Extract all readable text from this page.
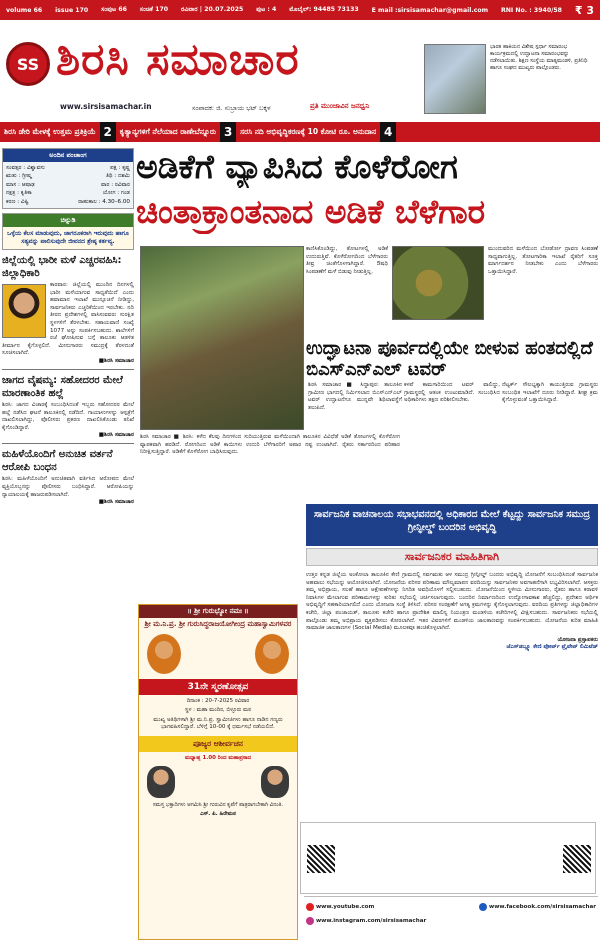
volume 66 issue 170 ಸಂಪುಟ 66 ಸಂಚಿಕೆ 170 ರವಿವಾರ | 20.07.2025 ಪುಟ : 4 ಮೊಬೈಲ್: 94485 73133 E mail :sirsisamachar@gmail.com RNI No. : 3940/58 ₹ 3
SS ಶಿರಸಿ ಸಮಾಚಾರ
www.sirsisamachar.in	ಸಂಪಾದಕ: ಜಿ. ಸುಬ್ರಾಯ ಭಟ್ ಬಕ್ಕಳ	ಪ್ರತಿ ಮುಂಜಾವಿನ ಜನಧ್ವನಿ
ಭಾರತ ಹಾಕಿಯನ ವಿಶೇಷ ಸ್ಪರ್ಧಾ ಸಮಾರಂಭ ಕಾರ್ಯಕ್ರಮದಲ್ಲಿ ಉದ್ಘಾಟನಾ ಸಮಾರಂಭವನ್ನು ನಡೆಸಲಾಯಿತು. ಶಿಕ್ಷಣ ಸಂಸ್ಥೆಯ ಮಾತೃಮಂಡಳಿ, ಪ್ರತಿನಿಧಿ ಹಾಗೂ ಸಂಘದ ಮುಖ್ಯರು ಪಾಲ್ಗೊಂಡರು.
ಶಿರಸಿ ಡೇರಿ ಮೇಳಕ್ಕೆ ಉತ್ತಮ ಪ್ರತಿಕ್ರಿಯೆ 2	ಕೃತ್ಯಾನ್ಯಗಳಿಗೆ ನೆಲೆಯಾದ ರಾಣೇಬೆನ್ನೂರು 3	ಸರಸಿ ನದಿ ಅಭಿವೃದ್ಧಿಕರಣಕ್ಕೆ 10 ಕೋಟಿ ರೂ. ಅನುದಾನ 4
ಅಂದಿನ ಪಂಚಾಂಗ
ಸಂವತ್ಸರ : ವಿಶ್ವಾವಸು	ಪಕ್ಷ : ಕೃಷ್ಣ
ಋತು : ಗ್ರೀಷ್ಮ	ತಿಥಿ : ದಶಮಿ
ಮಾಸ : ಆಷಾಢ	ವಾರ : ರವಿವಾರ
ನಕ್ಷತ್ರ : ಕೃತಿಕಾ	ಯೋಗ : ಗಂಡ
ಕರಣ : ವಿಷ್ಟಿ	ರಾಹುಕಾಲ : 4.30–6.00
ಚಿನ್ನುಡಿ
ಒಳ್ಳೆಯ ಕೆಲಸ ಮಾಡುವುದು, ಜಾಗರೂಕರಾಗಿ ಇರುವುದು ಹಾಗೂ ಸತ್ಯವನ್ನು ಪಾಲಿಸುವುದೇ ಜೀವನದ ಶ್ರೇಷ್ಠ ಕರ್ತವ್ಯ.
ಜಿಲ್ಲೆಯಲ್ಲಿ ಭಾರೀ ಮಳೆ ಎಚ್ಚರವಹಿಸಿ: ಜಿಲ್ಲಾಧಿಕಾರಿ
ಕಾರವಾರ: ಜಿಲ್ಲೆಯಲ್ಲಿ ಮುಂದಿನ ದಿನಗಳಲ್ಲಿ ಭಾರೀ ಮಳೆಯಾಗುವ ಸಾಧ್ಯತೆಯಿದೆ ಎಂದು ಹವಾಮಾನ ಇಲಾಖೆ ಮುನ್ಸೂಚನೆ ನೀಡಿದ್ದು, ಸಾರ್ವಜನಿಕರು ಎಚ್ಚರಿಕೆಯಿಂದ ಇರಬೇಕು. ನದಿ ತೀರದ ಪ್ರದೇಶಗಳಲ್ಲಿ ವಾಸಿಸುವವರು ಸುರಕ್ಷಿತ ಸ್ಥಳಗಳಿಗೆ ತೆರಳಬೇಕು. ಸಹಾಯವಾಣಿ ಸಂಖ್ಯೆ 1077 ಅನ್ನು ಸಂಪರ್ಕಿಸಬಹುದು. ಶಾಲೆಗಳಿಗೆ ರಜೆ ಘೋಷಿಸುವ ಬಗ್ಗೆ ತಾಲೂಕು ಆಡಳಿತ ತೀರ್ಮಾನ ಕೈಗೊಳ್ಳಲಿದೆ. ಮೀನುಗಾರರು ಸಮುದ್ರಕ್ಕೆ ತೆರಳದಂತೆ ಸೂಚಿಸಲಾಗಿದೆ.
■ಶಿರಸಿ ಸಮಾಚಾರ
ಜಾಗದ ವೈಷಮ್ಯ: ಸಹೋದರರ ಮೇಲೆ ಮಾರಣಾಂತಿಕ ಹಲ್ಲೆ
ಶಿರಸಿ: ಜಾಗದ ವಿಚಾರಕ್ಕೆ ಸಂಬಂಧಿಸಿದಂತೆ ಇಬ್ಬರು ಸಹೋದರರ ಮೇಲೆ ಹಲ್ಲೆ ನಡೆಸಿದ ಘಟನೆ ತಾಲೂಕಿನಲ್ಲಿ ನಡೆದಿದೆ. ಗಾಯಾಳುಗಳನ್ನು ಆಸ್ಪತ್ರೆಗೆ ದಾಖಲಿಸಲಾಗಿದ್ದು, ಪೊಲೀಸರು ಪ್ರಕರಣ ದಾಖಲಿಸಿಕೊಂಡು ತನಿಖೆ ಕೈಗೊಂಡಿದ್ದಾರೆ.
■ಶಿರಸಿ ಸಮಾಚಾರ
ಮಹಿಳೆಯೊಂದಿಗೆ ಅನುಚಿತ ವರ್ತನೆ ಆರೋಪಿ ಬಂಧನ
ಶಿರಸಿ: ಮಹಿಳೆಯೊಂದಿಗೆ ಅನುಚಿತವಾಗಿ ವರ್ತಿಸಿದ ಆರೋಪದ ಮೇಲೆ ವ್ಯಕ್ತಿಯೊಬ್ಬನನ್ನು ಪೊಲೀಸರು ಬಂಧಿಸಿದ್ದಾರೆ. ಆರೋಪಿಯನ್ನು ನ್ಯಾಯಾಲಯಕ್ಕೆ ಹಾಜರುಪಡಿಸಲಾಗಿದೆ.
■ಶಿರಸಿ ಸಮಾಚಾರ
ಅಡಿಕೆಗೆ ವ್ಯಾಪಿಸಿದ ಕೊಳೆರೋಗ
ಚಿಂತಾಕ್ರಾಂತನಾದ ಅಡಿಕೆ ಬೆಳೆಗಾರ
ಕಾಣಿಸಿಕೊಂಡಿದ್ದು, ತೋಟಗಳಲ್ಲಿ ಅಡಿಕೆ ಉದುರುತ್ತಿವೆ. ಕೊಳೆರೋಗದಿಂದ ಬೆಳೆಗಾರರು ತೀವ್ರ ಚಿಂತೆಗೊಳಗಾಗಿದ್ದಾರೆ. ಔಷಧಿ ಸಿಂಪಡಣೆಗೆ ಮಳೆ ಬಿಡುವು ನೀಡುತ್ತಿಲ್ಲ.
ಮುಂದುವರಿದ ಮಳೆಯಿಂದ ಬೋರ್ಡೋ ದ್ರಾವಣ ಸಿಂಪಡಣೆ ಸಾಧ್ಯವಾಗುತ್ತಿಲ್ಲ. ತೋಟಗಾರಿಕಾ ಇಲಾಖೆ ರೈತರಿಗೆ ಸೂಕ್ತ ಮಾರ್ಗದರ್ಶನ ನೀಡಬೇಕು ಎಂದು ಬೆಳೆಗಾರರು ಒತ್ತಾಯಿಸಿದ್ದಾರೆ.
ಶಿರಸಿ ಸಮಾಚಾರ ■ ಶಿರಸಿ: ಕಳೆದ ಕೆಲವು ದಿನಗಳಿಂದ ಸುರಿಯುತ್ತಿರುವ ಮಳೆಯಿಂದಾಗಿ ತಾಲೂಕಿನ ವಿವಿಧೆಡೆ ಅಡಿಕೆ ತೋಟಗಳಲ್ಲಿ ಕೊಳೆರೋಗ ವ್ಯಾಪಕವಾಗಿ ಹರಡಿದೆ. ರೋಗದಿಂದ ಅಡಿಕೆ ಕಾಯಿಗಳು ಉದುರಿ ಬೆಳೆಗಾರರಿಗೆ ಅಪಾರ ನಷ್ಟ ಉಂಟಾಗಿದೆ. ರೈತರು ಸರ್ಕಾರದಿಂದ ಪರಿಹಾರ ನಿರೀಕ್ಷಿಸುತ್ತಿದ್ದಾರೆ. ಅಡಿಕೆಗೆ ಕೊಳೆರೋಗ ಬಾಧಿಸಿರುವುದು.
ಉದ್ಘಾಟನಾ ಪೂರ್ವದಲ್ಲಿಯೇ ಬೀಳುವ ಹಂತದಲ್ಲಿದೆ ಬಿಎಸ್ಎನ್ಎಲ್ ಟವರ್
ಶಿರಸಿ ಸಮಾಚಾರ ■ ಸಿದ್ದಾಪುರ: ತಾಲೂಕಿನ ಗ್ರಾಮೀಣ ಭಾಗದಲ್ಲಿ ನಿರ್ಮಿಸಲಾದ ಬಿಎಸ್ಎನ್ಎಲ್ ಟವರ್ ಉದ್ಘಾಟನೆಗೂ ಮುನ್ನವೇ ಶಿಥಿಲಾವಸ್ಥೆಗೆ ತಲುಪಿದೆ.
ಕಳಪೆ ಕಾಮಗಾರಿಯಿಂದ ಟವರ್ ವಾಲಿದ್ದು, ಗ್ರಾಮಸ್ಥರಲ್ಲಿ ಆತಂಕ ಉಂಟುಮಾಡಿದೆ. ಸಂಬಂಧಿಸಿದ ಅಧಿಕಾರಿಗಳು ತಕ್ಷಣ ಪರಿಶೀಲಿಸಬೇಕು.
ನೆಟ್ವರ್ಕ್ ಸೌಲಭ್ಯಕ್ಕಾಗಿ ಕಾಯುತ್ತಿರುವ ಗ್ರಾಮಸ್ಥರು ಸಂಬಂಧಿತ ಇಲಾಖೆಗೆ ದೂರು ನೀಡಿದ್ದಾರೆ. ಶೀಘ್ರ ಕ್ರಮ ಕೈಗೊಳ್ಳುವಂತೆ ಒತ್ತಾಯಿಸಿದ್ದಾರೆ.
ಸಾರ್ವಜನಿಕ ವಾಚನಾಲಯ ಸಭಾಭವನದಲ್ಲಿ ಅಧಿಕಾರದ ಮೇಲೆ ಕೆಟ್ಟದ್ದು ಸಾರ್ವಜನಿಕ ಸಮುದ್ರ ಗ್ರೀನ್ಫೀಲ್ಡ್ ಬಂದರಿನ ಅಭಿವೃದ್ಧಿ
ಸಾರ್ವಜನಿಕರ ಮಾಹಿತಿಗಾಗಿ
ಉತ್ತರ ಕನ್ನಡ ಜಿಲ್ಲೆಯ ಅಂಕೋಲಾ ತಾಲೂಕಿನ ಕೇಣಿ ಗ್ರಾಮದಲ್ಲಿ ಸರ್ವಋತು ಆಳ ಸಮುದ್ರ ಗ್ರೀನ್ಫೀಲ್ಡ್ ಬಂದರು ಅಭಿವೃದ್ಧಿ ಯೋಜನೆಗೆ ಸಂಬಂಧಿಸಿದಂತೆ ಸಾರ್ವಜನಿಕ ಅಹವಾಲು ಸಭೆಯನ್ನು ಆಯೋಜಿಸಲಾಗಿದೆ. ಯೋಜನೆಯ ಪರಿಸರ ಪರಿಣಾಮ ಮೌಲ್ಯಮಾಪನ ವರದಿಯನ್ನು ಸಾರ್ವಜನಿಕರ ಅವಗಾಹನೆಗಾಗಿ ಲಭ್ಯವಿರಿಸಲಾಗಿದೆ. ಆಸಕ್ತರು ತಮ್ಮ ಅಭಿಪ್ರಾಯ, ಸಲಹೆ ಹಾಗೂ ಆಕ್ಷೇಪಣೆಗಳನ್ನು ನಿಗದಿತ ಅವಧಿಯೊಳಗೆ ಸಲ್ಲಿಸಬಹುದು. ಯೋಜನೆಯಿಂದ ಸ್ಥಳೀಯ ಮೀನುಗಾರರು, ರೈತರು ಹಾಗೂ ಕರಾವಳಿ ನಿವಾಸಿಗಳ ಮೇಲಾಗುವ ಪರಿಣಾಮಗಳನ್ನು ಕುರಿತು ಸಭೆಯಲ್ಲಿ ಚರ್ಚಿಸಲಾಗುವುದು. ಬಂದರಿನ ನಿರ್ಮಾಣದಿಂದ ಉದ್ಯೋಗಾವಕಾಶ ಹೆಚ್ಚಲಿದ್ದು, ಪ್ರದೇಶದ ಆರ್ಥಿಕ ಅಭಿವೃದ್ಧಿಗೆ ಸಹಕಾರಿಯಾಗಲಿದೆ ಎಂದು ಯೋಜನಾ ಸಂಸ್ಥೆ ತಿಳಿಸಿದೆ. ಪರಿಸರ ಸಂರಕ್ಷಣೆಗೆ ಅಗತ್ಯ ಕ್ರಮಗಳನ್ನು ಕೈಗೊಳ್ಳಲಾಗುವುದು. ವರದಿಯ ಪ್ರತಿಗಳನ್ನು ಜಿಲ್ಲಾಧಿಕಾರಿಗಳ ಕಚೇರಿ, ಜಿಲ್ಲಾ ಪಂಚಾಯತ್, ತಾಲೂಕು ಕಚೇರಿ ಹಾಗೂ ಪ್ರಾದೇಶಿಕ ಮಾಲಿನ್ಯ ನಿಯಂತ್ರಣ ಮಂಡಳಿಯ ಕಚೇರಿಗಳಲ್ಲಿ ವೀಕ್ಷಿಸಬಹುದು. ಸಾರ್ವಜನಿಕರು ಸಭೆಯಲ್ಲಿ ಪಾಲ್ಗೊಂಡು ತಮ್ಮ ಅಭಿಪ್ರಾಯ ವ್ಯಕ್ತಪಡಿಸಲು ಕೋರಲಾಗಿದೆ. ಇತರ ವಿವರಗಳಿಗೆ ಮಂಡಳಿಯ ಜಾಲತಾಣವನ್ನು ಸಂಪರ್ಕಿಸಬಹುದು. ಯೋಜನೆಯ ಕುರಿತ ಮಾಹಿತಿ ಸಾಮಾಜಿಕ ಜಾಲತಾಣಗಳ (Social Media) ಮೂಲಕವೂ ಹಂಚಿಕೊಳ್ಳಲಾಗಿದೆ.
ಯೋಜನಾ ಪ್ರಸ್ತಾಪಕರು
ಜೆಎಸ್‌ಡಬ್ಲ್ಯೂ ಕೇಣಿ ಪೋರ್ಟ್ ಪ್ರೈವೇಟ್ ಲಿಮಿಟೆಡ್
॥ ಶ್ರೀ ಗುರುಭ್ಯೋ ನಮಃ ॥
ಶ್ರೀ ಮ.ನಿ.ಪ್ರ. ಶ್ರೀ ಗುರುಸಿದ್ಧರಾಜಯೋಗೀಂದ್ರ ಮಹಾಸ್ವಾಮಿಗಳವರ
31ನೇ ಸ್ಮರಣೋತ್ಸವ
ದಿನಾಂಕ : 20-7-2025 ರವಿವಾರ
ಸ್ಥಳ : ಮಹಾ ಮಂದಿರ, ಬಿಳ್ಳೂರು ಮಠ
ಮುಖ್ಯ ಅತಿಥಿಗಳಾಗಿ ಶ್ರೀ ಮ.ನಿ.ಪ್ರ. ಸ್ವಾಮೀಜಿಗಳು ಹಾಗೂ ನಾಡಿನ ಗಣ್ಯರು ಭಾಗವಹಿಸಲಿದ್ದಾರೆ. ಬೆಳಿಗ್ಗೆ 10-00 ಕ್ಕೆ ಧರ್ಮಸಭೆ ನಡೆಯಲಿದೆ.
ಪೂಜ್ಯರ ಆಶೀರ್ವಚನ
ಮಧ್ಯಾಹ್ನ 1.00 ರಿಂದ ಮಹಾಪ್ರಸಾದ
ಸಮಸ್ತ ಭಕ್ತಾದಿಗಳು ಆಗಮಿಸಿ ಶ್ರೀ ಗುರುವಿನ ಕೃಪೆಗೆ ಪಾತ್ರರಾಗಬೇಕಾಗಿ ವಿನಂತಿ.
ಎಸ್. ಪಿ. ಹಿರೇಮಠ
www.youtube.com	www.facebook.com/sirsisamachar
www.instagram.com/sirsisamachar
